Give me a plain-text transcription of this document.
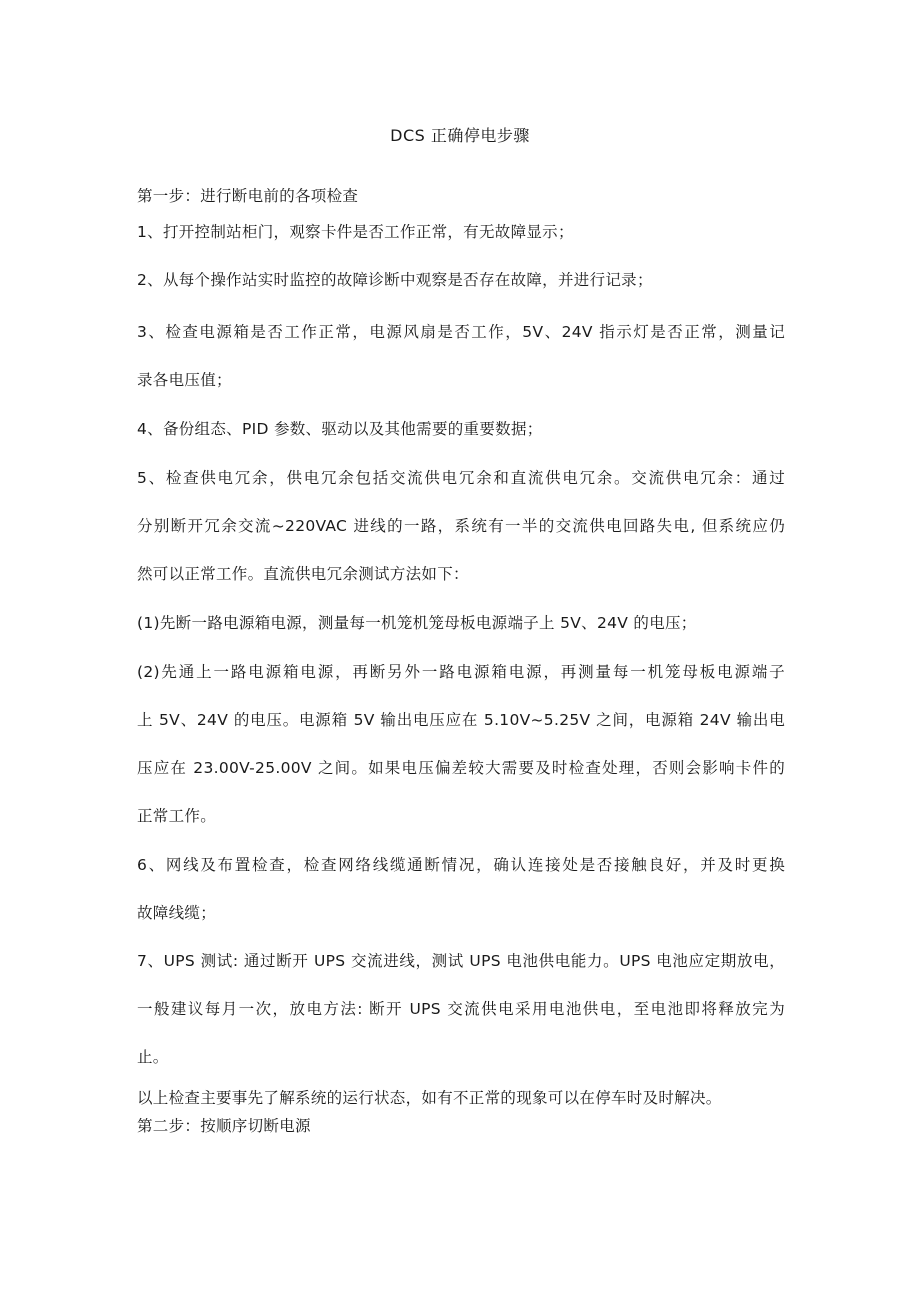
DCS 正确停电步骤
第一步：进行断电前的各项检查
1、打开控制站柜门，观察卡件是否工作正常，有无故障显示；
2、从每个操作站实时监控的故障诊断中观察是否存在故障，并进行记录；
3、检查电源箱是否工作正常，电源风扇是否工作，5V、24V 指示灯是否正常，测量记
录各电压值；
4、备份组态、PID 参数、驱动以及其他需要的重要数据；
5、检查供电冗余，供电冗余包括交流供电冗余和直流供电冗余。交流供电冗余：通过
分别断开冗余交流~220VAC 进线的一路，系统有一半的交流供电回路失电, 但系统应仍
然可以正常工作。直流供电冗余测试方法如下：
(1)先断一路电源箱电源，测量每一机笼机笼母板电源端子上 5V、24V 的电压；
(2)先通上一路电源箱电源，再断另外一路电源箱电源，再测量每一机笼母板电源端子
上 5V、24V 的电压。电源箱 5V 输出电压应在 5.10V~5.25V 之间，电源箱 24V 输出电
压应在 23.00V-25.00V 之间。如果电压偏差较大需要及时检查处理，否则会影响卡件的
正常工作。
6、网线及布置检查，检查网络线缆通断情况，确认连接处是否接触良好，并及时更换
故障线缆；
7、UPS 测试: 通过断开 UPS 交流进线，测试 UPS 电池供电能力。UPS 电池应定期放电，
一般建议每月一次，放电方法: 断开 UPS 交流供电采用电池供电，至电池即将释放完为
止。
以上检查主要事先了解系统的运行状态，如有不正常的现象可以在停车时及时解决。
第二步：按顺序切断电源
